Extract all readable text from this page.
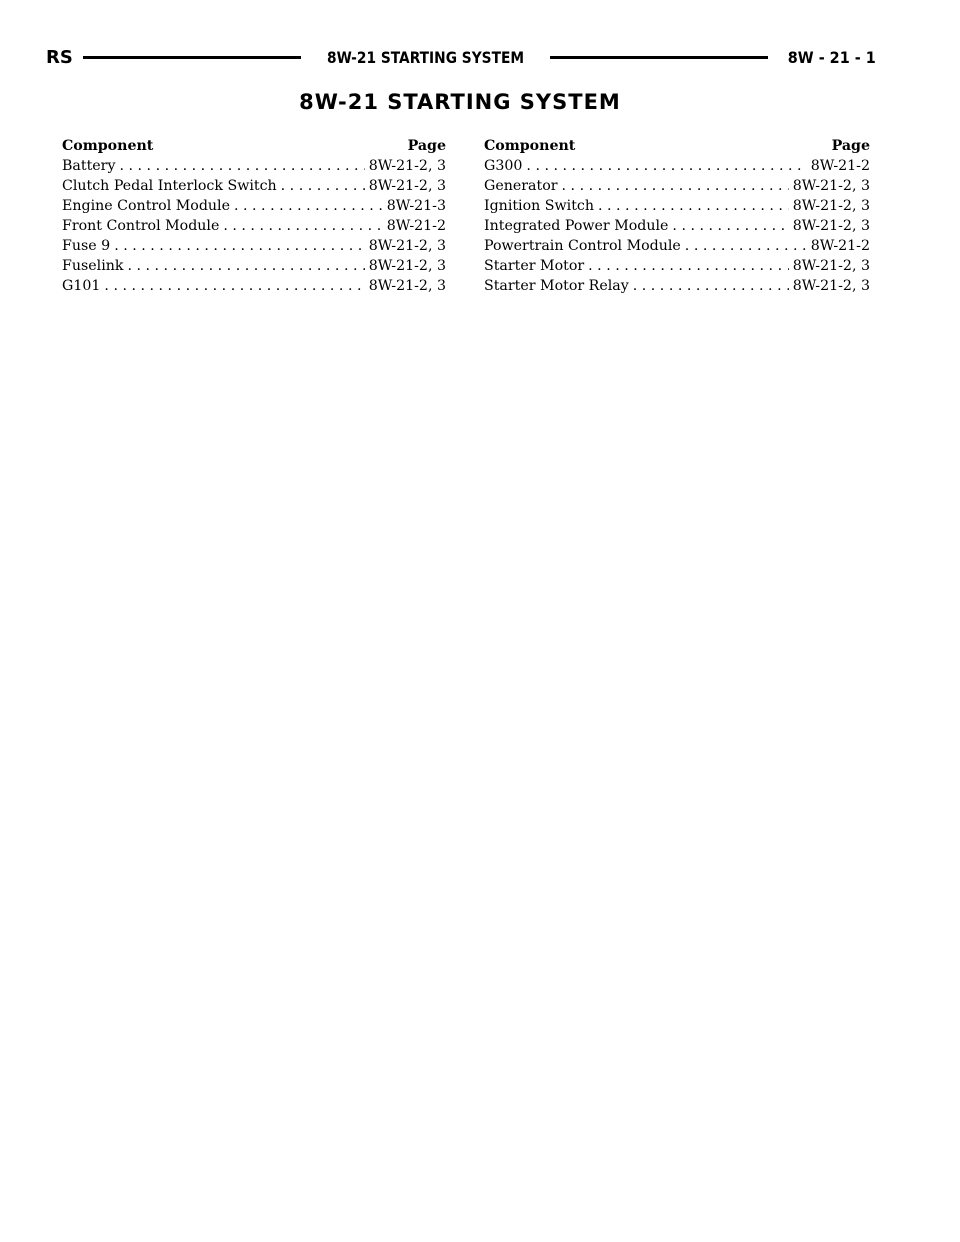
RS	8W-21 STARTING SYSTEM	8W - 21 - 1
8W-21 STARTING SYSTEM
Component	Page
Battery . . .	8W-21-2, 3
Clutch Pedal Interlock Switch . . .	8W-21-2, 3
Engine Control Module . . .	8W-21-3
Front Control Module . . .	8W-21-2
Fuse 9 . . .	8W-21-2, 3
Fuselink . . .	8W-21-2, 3
G101 . . .	8W-21-2, 3
Component	Page
G300 . . .	8W-21-2
Generator . . .	8W-21-2, 3
Ignition Switch . . .	8W-21-2, 3
Integrated Power Module . . .	8W-21-2, 3
Powertrain Control Module . . .	8W-21-2
Starter Motor . . .	8W-21-2, 3
Starter Motor Relay . . .	8W-21-2, 3
